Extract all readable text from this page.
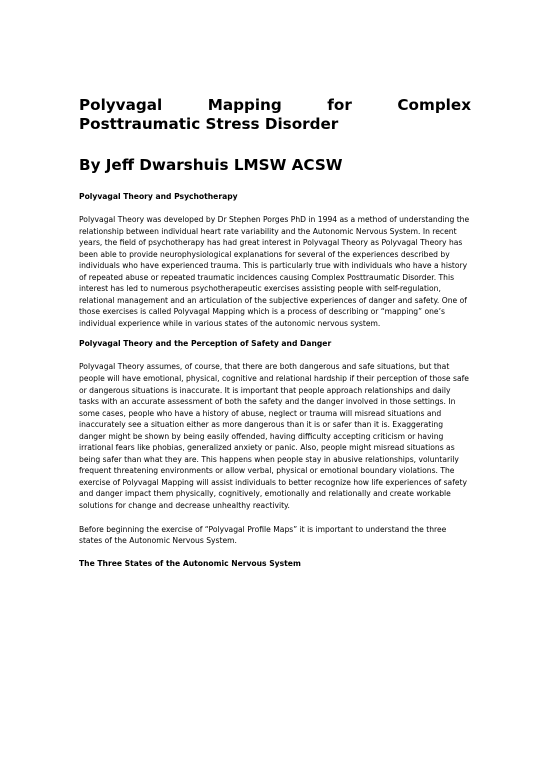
Polyvagal Mapping for Complex Posttraumatic Stress Disorder
By Jeff Dwarshuis LMSW ACSW
Polyvagal Theory and Psychotherapy

Polyvagal Theory was developed by Dr Stephen Porges PhD in 1994 as a method of understanding the relationship between individual heart rate variability and the Autonomic Nervous System. In recent years, the field of psychotherapy has had great interest in Polyvagal Theory as Polyvagal Theory has been able to provide neurophysiological explanations for several of the experiences described by individuals who have experienced trauma. This is particularly true with individuals who have a history of repeated abuse or repeated traumatic incidences causing Complex Posttraumatic Disorder. This interest has led to numerous psychotherapeutic exercises assisting people with self-regulation, relational management and an articulation of the subjective experiences of danger and safety. One of those exercises is called Polyvagal Mapping which is a process of describing or “mapping” one’s individual experience while in various states of the autonomic nervous system.

Polyvagal Theory and the Perception of Safety and Danger

Polyvagal Theory assumes, of course, that there are both dangerous and safe situations, but that people will have emotional, physical, cognitive and relational hardship if their perception of those safe or dangerous situations is inaccurate. It is important that people approach relationships and daily tasks with an accurate assessment of both the safety and the danger involved in those settings. In some cases, people who have a history of abuse, neglect or trauma will misread situations and inaccurately see a situation either as more dangerous than it is or safer than it is. Exaggerating danger might be shown by being easily offended, having difficulty accepting criticism or having irrational fears like phobias, generalized anxiety or panic. Also, people might misread situations as being safer than what they are. This happens when people stay in abusive relationships, voluntarily frequent threatening environments or allow verbal, physical or emotional boundary violations. The exercise of Polyvagal Mapping will assist individuals to better recognize how life experiences of safety and danger impact them physically, cognitively, emotionally and relationally and create workable solutions for change and decrease unhealthy reactivity.

Before beginning the exercise of “Polyvagal Profile Maps” it is important to understand the three states of the Autonomic Nervous System.

The Three States of the Autonomic Nervous System
